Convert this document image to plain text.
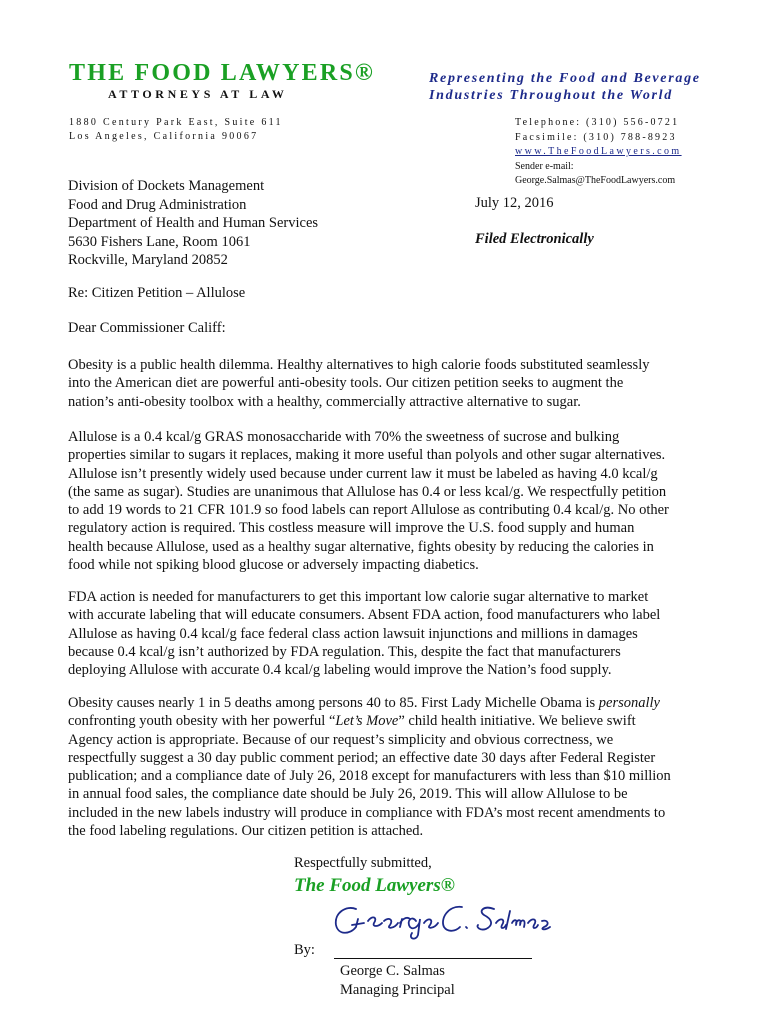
THE FOOD LAWYERS®
ATTORNEYS AT LAW
Representing the Food and Beverage
Industries Throughout the World
1880 Century Park East, Suite 611
Los Angeles, California 90067
Telephone: (310) 556-0721
Facsimile: (310) 788-8923
www.TheFoodLawyers.com
Sender e-mail:
George.Salmas@TheFoodLawyers.com
Division of Dockets Management
Food and Drug Administration
Department of Health and Human Services
5630 Fishers Lane, Room 1061
Rockville, Maryland 20852
July 12, 2016
Filed Electronically
Re: Citizen Petition – Allulose
Dear Commissioner Califf:

Obesity is a public health dilemma. Healthy alternatives to high calorie foods substituted seamlessly

into the American diet are powerful anti-obesity tools. Our citizen petition seeks to augment the

nation’s anti-obesity toolbox with a healthy, commercially attractive alternative to sugar.

Allulose is a 0.4 kcal/g GRAS monosaccharide with 70% the sweetness of sucrose and bulking

properties similar to sugars it replaces, making it more useful than polyols and other sugar alternatives.

Allulose isn’t presently widely used because under current law it must be labeled as having 4.0 kcal/g

(the same as sugar). Studies are unanimous that Allulose has 0.4 or less kcal/g. We respectfully petition

to add 19 words to 21 CFR 101.9 so food labels can report Allulose as contributing 0.4 kcal/g. No other

regulatory action is required. This costless measure will improve the U.S. food supply and human

health because Allulose, used as a healthy sugar alternative, fights obesity by reducing the calories in

food while not spiking blood glucose or adversely impacting diabetics.

FDA action is needed for manufacturers to get this important low calorie sugar alternative to market

with accurate labeling that will educate consumers. Absent FDA action, food manufacturers who label

Allulose as having 0.4 kcal/g face federal class action lawsuit injunctions and millions in damages

because 0.4 kcal/g isn’t authorized by FDA regulation. This, despite the fact that manufacturers

deploying Allulose with accurate 0.4 kcal/g labeling would improve the Nation’s food supply.

Obesity causes nearly 1 in 5 deaths among persons 40 to 85. First Lady Michelle Obama is personally

confronting youth obesity with her powerful “Let’s Move” child health initiative. We believe swift

Agency action is appropriate. Because of our request’s simplicity and obvious correctness, we

respectfully suggest a 30 day public comment period; an effective date 30 days after Federal Register

publication; and a compliance date of July 26, 2018 except for manufacturers with less than $10 million

in annual food sales, the compliance date should be July 26, 2019. This will allow Allulose to be

included in the new labels industry will produce in compliance with FDA’s most recent amendments to

the food labeling regulations. Our citizen petition is attached.

Respectfully submitted,
The Food Lawyers®
By:
George C. Salmas
Managing Principal
